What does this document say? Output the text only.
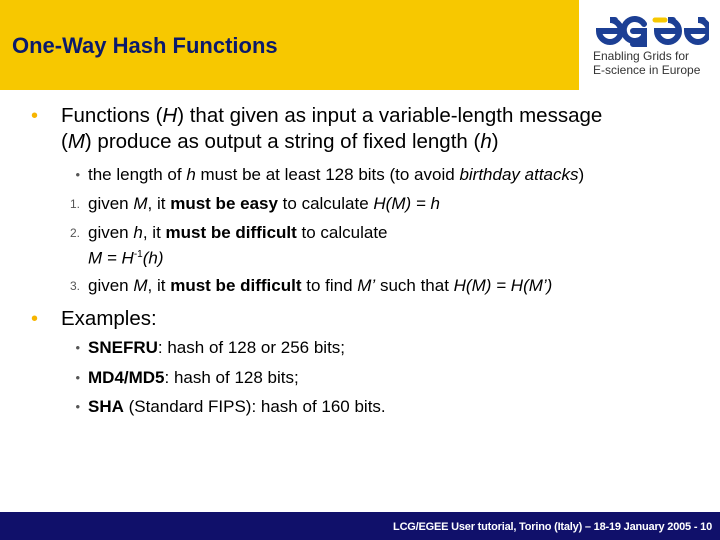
One-Way Hash Functions	Enabling Grids for
E-science in Europe
• Functions (H) that given as input a variable-length message
(M) produce as output a string of fixed length (h)
• the length of h must be at least 128 bits (to avoid birthday attacks)
1. given M, it must be easy to calculate H(M) = h
2. given h, it must be difficult to calculate
$M = H^{-1}(h)$
3. given M, it must be difficult to find M’ such that H(M) = H(M’)
• Examples:
• SNEFRU: hash of 128 or 256 bits;
• MD4/MD5: hash of 128 bits;
• SHA (Standard FIPS): hash of 160 bits.
LCG/EGEE User tutorial, Torino (Italy) – 18-19 January 2005 - 10
